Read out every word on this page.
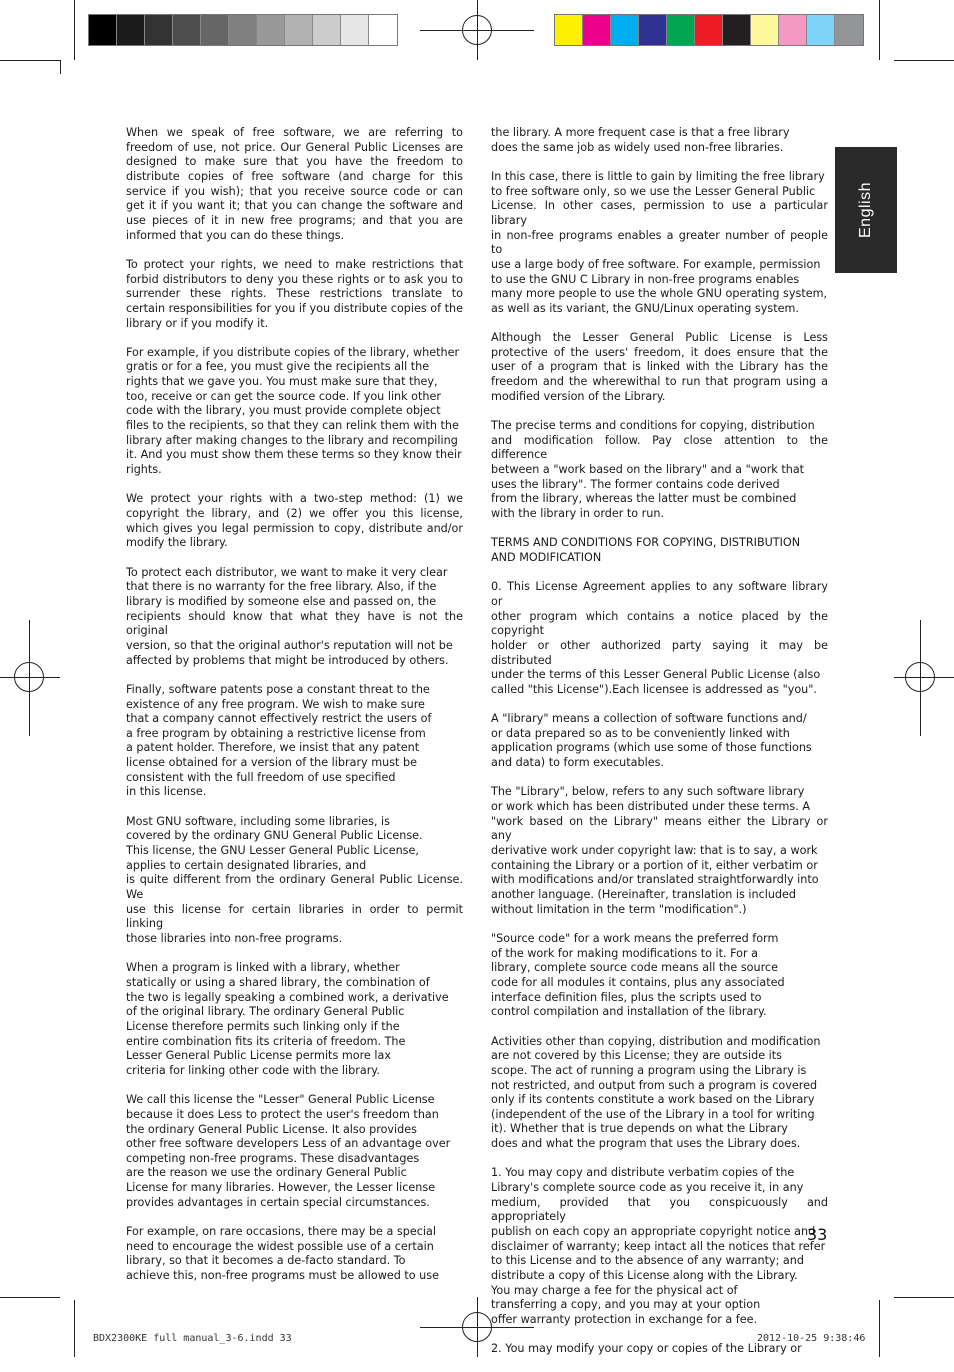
English

When we speak of free software, we are referring to freedom of use, not price. Our General Public Licenses are designed to make sure that you have the freedom to distribute copies of free software (and charge for this service if you wish); that you receive source code or can get it if you want it; that you can change the software and use pieces of it in new free programs; and that you are informed that you can do these things.

To protect your rights, we need to make restrictions that forbid distributors to deny you these rights or to ask you to surrender these rights. These restrictions translate to certain responsibilities for you if you distribute copies of the library or if you modify it.

For example, if you distribute copies of the library, whether
gratis or for a fee, you must give the recipients all the
rights that we gave you. You must make sure that they,
too, receive or can get the source code. If you link other
code with the library, you must provide complete object
files to the recipients, so that they can relink them with the
library after making changes to the library and recompiling
it. And you must show them these terms so they know their
rights.

We protect your rights with a two-step method: (1) we copyright the library, and (2) we offer you this license, which gives you legal permission to copy, distribute and/or modify the library.

To protect each distributor, we want to make it very clear
that there is no warranty for the free library. Also, if the
library is modified by someone else and passed on, the
recipients should know that what they have is not the original
version, so that the original author's reputation will not be
affected by problems that might be introduced by others.

Finally, software patents pose a constant threat to the
existence of any free program. We wish to make sure
that a company cannot effectively restrict the users of
a free program by obtaining a restrictive license from
a patent holder. Therefore, we insist that any patent
license obtained for a version of the library must be
consistent with the full freedom of use specified
in this license.

Most GNU software, including some libraries, is
covered by the ordinary GNU General Public License.
This license, the GNU Lesser General Public License,
applies to certain designated libraries, and
is quite different from the ordinary General Public License. We
use this license for certain libraries in order to permit linking
those libraries into non-free programs.

When a program is linked with a library, whether
statically or using a shared library, the combination of
the two is legally speaking a combined work, a derivative
of the original library. The ordinary General Public
License therefore permits such linking only if the
entire combination fits its criteria of freedom. The
Lesser General Public License permits more lax
criteria for linking other code with the library.

We call this license the "Lesser" General Public License
because it does Less to protect the user's freedom than
the ordinary General Public License. It also provides
other free software developers Less of an advantage over
competing non-free programs. These disadvantages
are the reason we use the ordinary General Public
License for many libraries. However, the Lesser license
provides advantages in certain special circumstances.

For example, on rare occasions, there may be a special
need to encourage the widest possible use of a certain
library, so that it becomes a de-facto standard. To
achieve this, non-free programs must be allowed to use

the library. A more frequent case is that a free library
does the same job as widely used non-free libraries.

In this case, there is little to gain by limiting the free library
to free software only, so we use the Lesser General Public
License. In other cases, permission to use a particular library
in non-free programs enables a greater number of people to
use a large body of free software. For example, permission
to use the GNU C Library in non-free programs enables
many more people to use the whole GNU operating system,
as well as its variant, the GNU/Linux operating system.

Although the Lesser General Public License is Less protective of the users' freedom, it does ensure that the user of a program that is linked with the Library has the freedom and the wherewithal to run that program using a modified version of the Library.

The precise terms and conditions for copying, distribution
and modification follow. Pay close attention to the difference
between a "work based on the library" and a "work that
uses the library". The former contains code derived
from the library, whereas the latter must be combined
with the library in order to run.

TERMS AND CONDITIONS FOR COPYING, DISTRIBUTION
AND MODIFICATION

0. This License Agreement applies to any software library or
other program which contains a notice placed by the copyright
holder or other authorized party saying it may be distributed
under the terms of this Lesser General Public License (also
called "this License").Each licensee is addressed as "you".

A "library" means a collection of software functions and/
or data prepared so as to be conveniently linked with
application programs (which use some of those functions
and data) to form executables.

The "Library", below, refers to any such software library
or work which has been distributed under these terms. A
"work based on the Library" means either the Library or any
derivative work under copyright law: that is to say, a work
containing the Library or a portion of it, either verbatim or
with modifications and/or translated straightforwardly into
another language. (Hereinafter, translation is included
without limitation in the term "modification".)

"Source code" for a work means the preferred form
of the work for making modifications to it. For a
library, complete source code means all the source
code for all modules it contains, plus any associated
interface definition files, plus the scripts used to
control compilation and installation of the library.

Activities other than copying, distribution and modification
are not covered by this License; they are outside its
scope. The act of running a program using the Library is
not restricted, and output from such a program is covered
only if its contents constitute a work based on the Library
(independent of the use of the Library in a tool for writing
it). Whether that is true depends on what the Library
does and what the program that uses the Library does.

1. You may copy and distribute verbatim copies of the
Library's complete source code as you receive it, in any
medium, provided that you conspicuously and appropriately
publish on each copy an appropriate copyright notice and
disclaimer of warranty; keep intact all the notices that refer
to this License and to the absence of any warranty; and
distribute a copy of this License along with the Library.
You may charge a fee for the physical act of
transferring a copy, and you may at your option
offer warranty protection in exchange for a fee.

2. You may modify your copy or copies of the Library or

33
BDX2300KE full manual_3-6.indd 33	2012-10-25 9:38:46
